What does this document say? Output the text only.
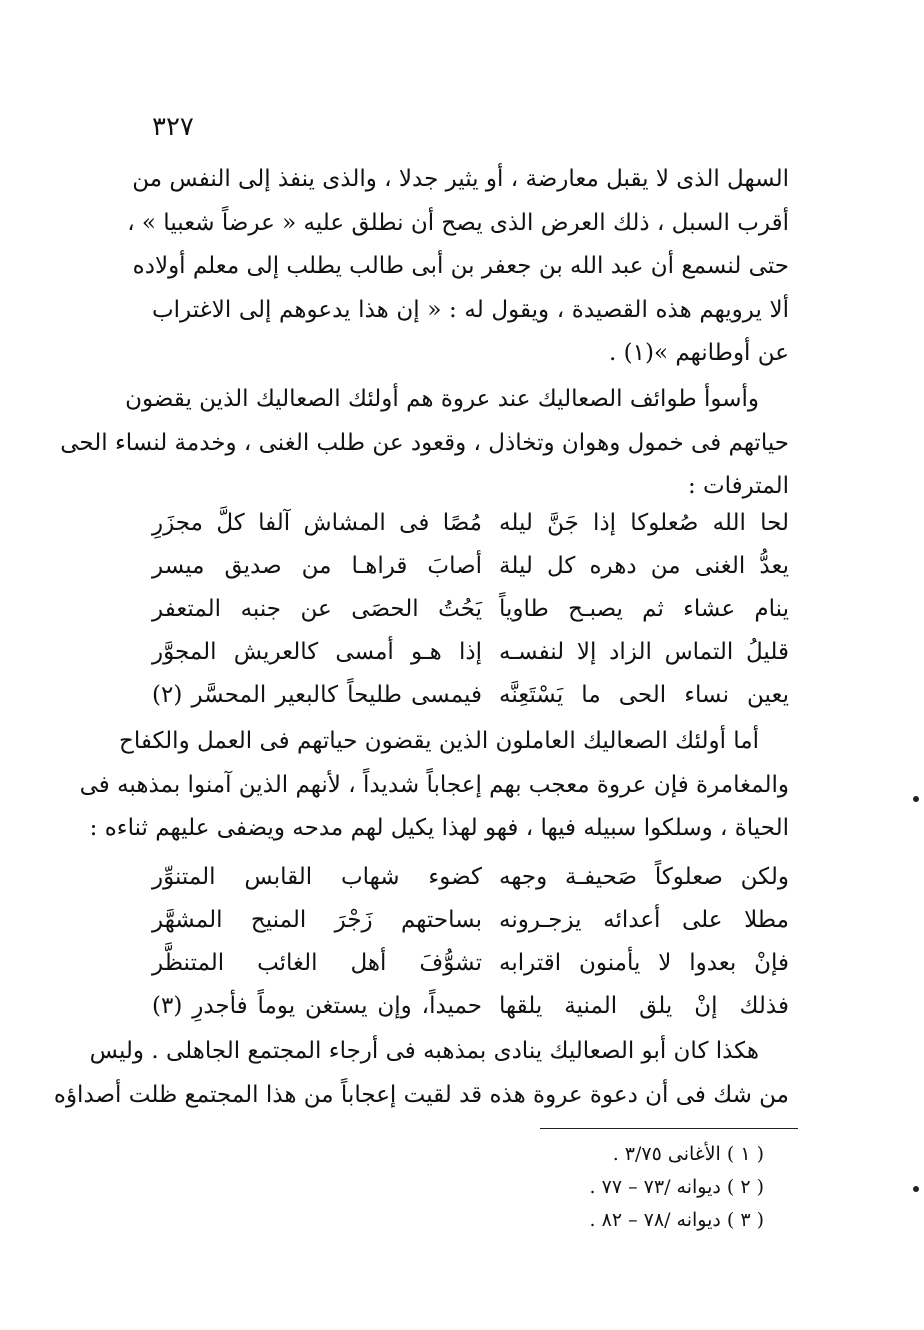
٣٢٧

السهل الذى لا يقبل معارضة ، أو يثير جدلا ، والذى ينفذ إلى النفس من
أقرب السبل ، ذلك العرض الذى يصح أن نطلق عليه « عرضاً شعبيا » ،
حتى لنسمع أن عبد الله بن جعفر بن أبى طالب يطلب إلى معلم أولاده
ألا يرويهم هذه القصيدة ، ويقول له : « إن هذا يدعوهم إلى الاغتراب
عن أوطانهم »(١) .

وأسوأ طوائف الصعاليك عند عروة هم أولئك الصعاليك الذين يقضون
حياتهم فى خمول وهوان وتخاذل ، وقعود عن طلب الغنى ، وخدمة لنساء الحى
المترفات :

لحا الله صُعلوكا إذا جَنَّ ليله
مُصًا فى المشاش آلفا كلَّ مجزَرِ
يعدُّ الغنى من دهره كل ليلة
أصابَ قراهـا من صديق ميسر
ينام عشاء ثم يصبـح طاوياً
يَحُتُ الحصَى عن جنبه المتعفر
قليلُ التماس الزاد إلا لنفسـه
إذا هـو أمسى كالعريش المجوَّر
يعين نساء الحى ما يَسْتَعِنَّه
فيمسى طليحاً كالبعير المحسَّر (٢)

أما أولئك الصعاليك العاملون الذين يقضون حياتهم فى العمل والكفاح
والمغامرة فإن عروة معجب بهم إعجاباً شديداً ، لأنهم الذين آمنوا بمذهبه فى
الحياة ، وسلكوا سبيله فيها ، فهو لهذا يكيل لهم مدحه ويضفى عليهم ثناءه :

ولكن صعلوكاً صَحيفـة وجهه
كضوء شهاب القابس المتنوِّر
مطلا على أعدائه يزجـرونه
بساحتهم زَجْرَ المنيح المشهَّر
فإنْ بعدوا لا يأمنون اقترابه
تشوُّفَ أهل الغائب المتنظَّر
فذلك إنْ يلق المنية يلقها
حميداً، وإن يستغن يوماً فأجدرِ (٣)

هكذا كان أبو الصعاليك ينادى بمذهبه فى أرجاء المجتمع الجاهلى . وليس
من شك فى أن دعوة عروة هذه قد لقيت إعجاباً من هذا المجتمع ظلت أصداؤه

( ١ ) الأغانى ٣/٧٥ .
( ٢ ) ديوانه /٧٣ – ٧٧ .
( ٣ ) ديوانه /٧٨ – ٨٢ .
